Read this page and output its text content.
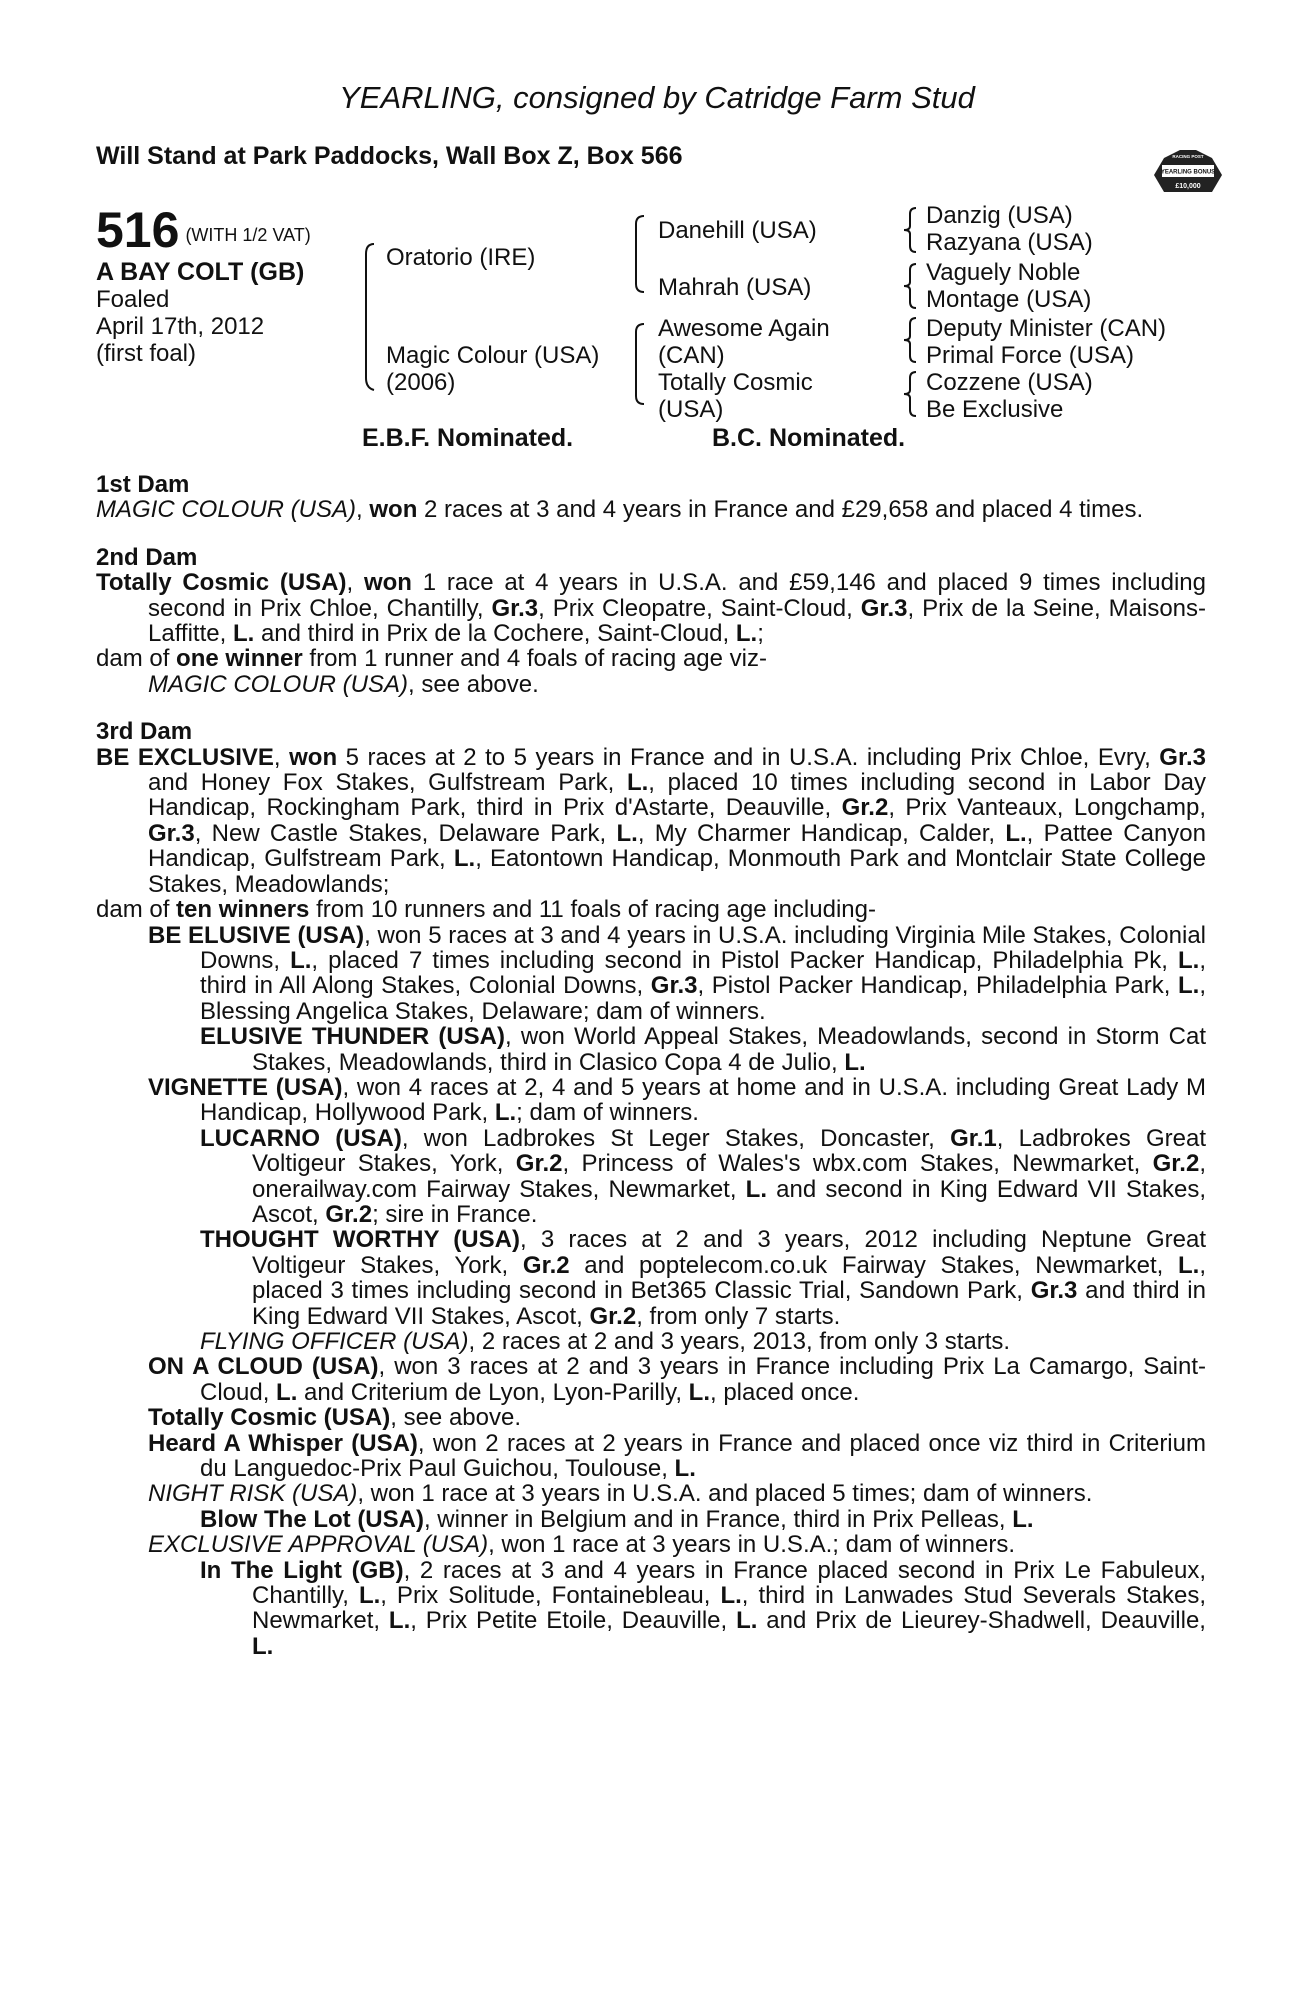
YEARLING, consigned by Catridge Farm Stud
Will Stand at Park Paddocks, Wall Box Z, Box 566	RACING POST
YEARLING BONUS
£10,000
516 $^{(WITH 1/2 VAT)}$
A BAY COLT (GB)
Foaled
April 17th, 2012
(first foal)
Oratorio (IRE)
Magic Colour (USA)
(2006)
Danehill (USA)
Mahrah (USA)
Awesome Again
(CAN)
Totally Cosmic
(USA)
Danzig (USA)
Razyana (USA)
Vaguely Noble
Montage (USA)
Deputy Minister (CAN)
Primal Force (USA)
Cozzene (USA)
Be Exclusive
E.B.F. Nominated.	B.C. Nominated.
1st Dam

MAGIC COLOUR (USA), won 2 races at 3 and 4 years in France and £29,658 and placed 4 times.

2nd Dam

Totally Cosmic (USA), won 1 race at 4 years in U.S.A. and £59,146 and placed 9 times including second in Prix Chloe, Chantilly, Gr.3, Prix Cleopatre, Saint-Cloud, Gr.3, Prix de la Seine, Maisons-Laffitte, L. and third in Prix de la Cochere, Saint-Cloud, L.;

dam of one winner from 1 runner and 4 foals of racing age viz-

MAGIC COLOUR (USA), see above.

3rd Dam

BE EXCLUSIVE, won 5 races at 2 to 5 years in France and in U.S.A. including Prix Chloe, Evry, Gr.3 and Honey Fox Stakes, Gulfstream Park, L., placed 10 times including second in Labor Day Handicap, Rockingham Park, third in Prix d'Astarte, Deauville, Gr.2, Prix Vanteaux, Longchamp, Gr.3, New Castle Stakes, Delaware Park, L., My Charmer Handicap, Calder, L., Pattee Canyon Handicap, Gulfstream Park, L., Eatontown Handicap, Monmouth Park and Montclair State College Stakes, Meadowlands;

dam of ten winners from 10 runners and 11 foals of racing age including-

BE ELUSIVE (USA), won 5 races at 3 and 4 years in U.S.A. including Virginia Mile Stakes, Colonial Downs, L., placed 7 times including second in Pistol Packer Handicap, Philadelphia Pk, L., third in All Along Stakes, Colonial Downs, Gr.3, Pistol Packer Handicap, Philadelphia Park, L., Blessing Angelica Stakes, Delaware; dam of winners.

ELUSIVE THUNDER (USA), won World Appeal Stakes, Meadowlands, second in Storm Cat Stakes, Meadowlands, third in Clasico Copa 4 de Julio, L.

VIGNETTE (USA), won 4 races at 2, 4 and 5 years at home and in U.S.A. including Great Lady M Handicap, Hollywood Park, L.; dam of winners.

LUCARNO (USA), won Ladbrokes St Leger Stakes, Doncaster, Gr.1, Ladbrokes Great Voltigeur Stakes, York, Gr.2, Princess of Wales's wbx.com Stakes, Newmarket, Gr.2, onerailway.com Fairway Stakes, Newmarket, L. and second in King Edward VII Stakes, Ascot, Gr.2; sire in France.

THOUGHT WORTHY (USA), 3 races at 2 and 3 years, 2012 including Neptune Great Voltigeur Stakes, York, Gr.2 and poptelecom.co.uk Fairway Stakes, Newmarket, L., placed 3 times including second in Bet365 Classic Trial, Sandown Park, Gr.3 and third in King Edward VII Stakes, Ascot, Gr.2, from only 7 starts.

FLYING OFFICER (USA), 2 races at 2 and 3 years, 2013, from only 3 starts.

ON A CLOUD (USA), won 3 races at 2 and 3 years in France including Prix La Camargo, Saint-Cloud, L. and Criterium de Lyon, Lyon-Parilly, L., placed once.

Totally Cosmic (USA), see above.

Heard A Whisper (USA), won 2 races at 2 years in France and placed once viz third in Criterium du Languedoc-Prix Paul Guichou, Toulouse, L.

NIGHT RISK (USA), won 1 race at 3 years in U.S.A. and placed 5 times; dam of winners.

Blow The Lot (USA), winner in Belgium and in France, third in Prix Pelleas, L.

EXCLUSIVE APPROVAL (USA), won 1 race at 3 years in U.S.A.; dam of winners.

In The Light (GB), 2 races at 3 and 4 years in France placed second in Prix Le Fabuleux, Chantilly, L., Prix Solitude, Fontainebleau, L., third in Lanwades Stud Severals Stakes, Newmarket, L., Prix Petite Etoile, Deauville, L. and Prix de Lieurey-Shadwell, Deauville, L.
